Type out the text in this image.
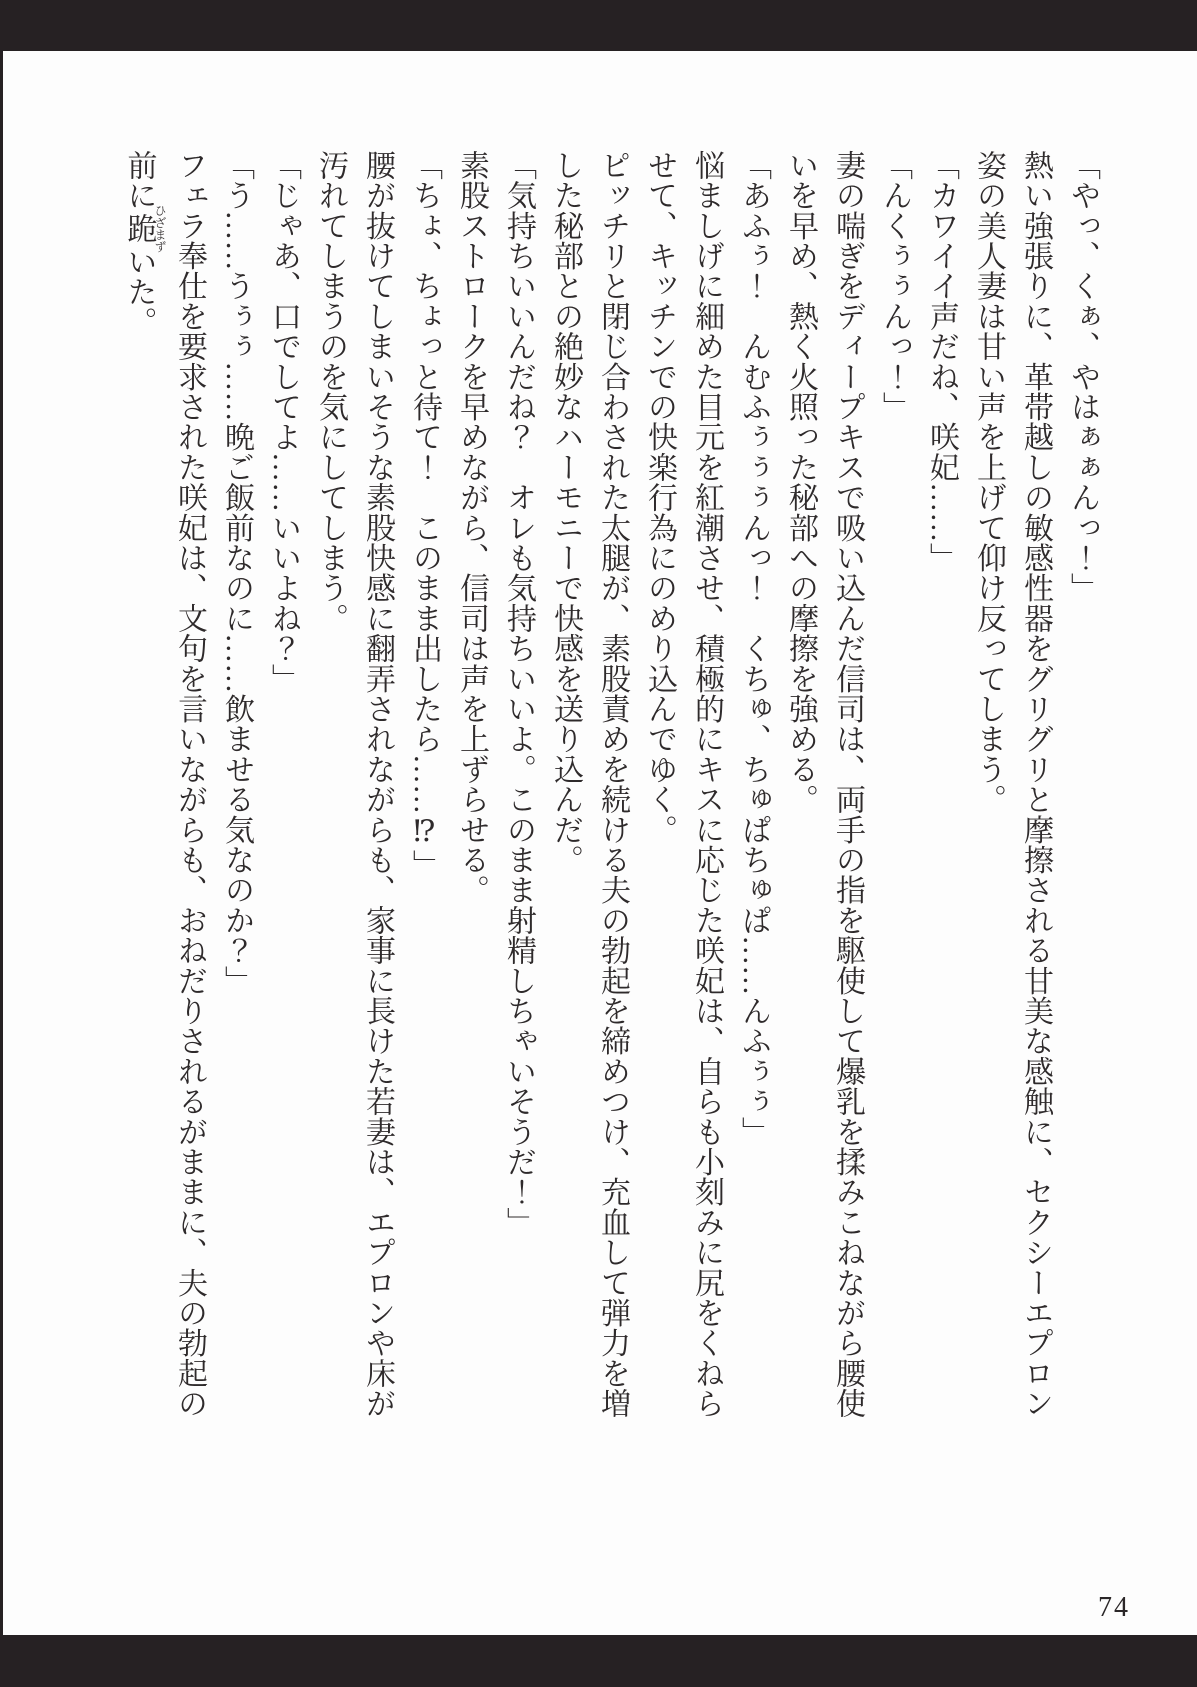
「やっ、くぁ、やはぁぁんっ！」

熱い強張りに、革帯越しの敏感性器をグリグリと摩擦される甘美な感触に、セクシーエプロン

姿の美人妻は甘い声を上げて仰け反ってしまう。

「カワイイ声だね、咲妃……」

「んくぅぅんっ！」

妻の喘ぎをディープキスで吸い込んだ信司は、両手の指を駆使して爆乳を揉みこねながら腰使

いを早め、熱く火照った秘部への摩擦を強める。

「あふぅ！　んむふぅぅぅんっ！　くちゅ、ちゅぱちゅぱ……んふぅぅ」

悩ましげに細めた目元を紅潮させ、積極的にキスに応じた咲妃は、自らも小刻みに尻をくねら

せて、キッチンでの快楽行為にのめり込んでゆく。

ピッチリと閉じ合わされた太腿が、素股責めを続ける夫の勃起を締めつけ、充血して弾力を増

した秘部との絶妙なハーモニーで快感を送り込んだ。

「気持ちいいんだね？　オレも気持ちいいよ。このまま射精しちゃいそうだ！」

素股ストロークを早めながら、信司は声を上ずらせる。

「ちょ、ちょっと待て！　このまま出したら……⁉」

腰が抜けてしまいそうな素股快感に翻弄されながらも、家事に長けた若妻は、エプロンや床が

汚れてしまうのを気にしてしまう。

「じゃあ、口でしてよ……いいよね？」

「う……うぅぅ……晩ご飯前なのに……飲ませる気なのか？」

フェラ奉仕を要求された咲妃は、文句を言いながらも、おねだりされるがままに、夫の勃起の

前に跪ひざまずいた。

74
